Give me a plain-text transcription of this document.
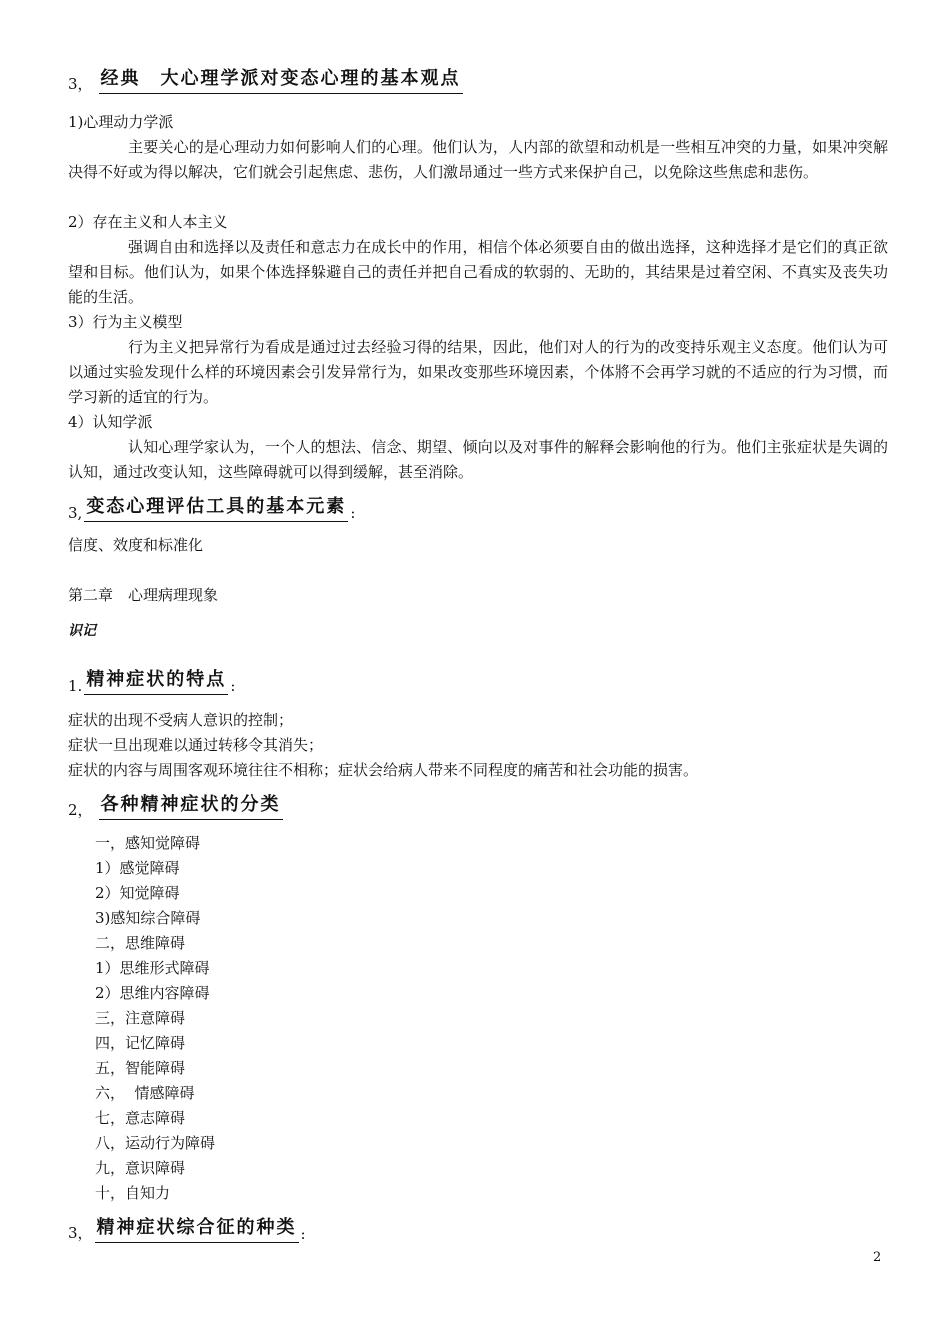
3， 经典　大心理学派对变态心理的基本观点
1)心理动力学派
主要关心的是心理动力如何影响人们的心理。他们认为，人内部的欲望和动机是一些相互冲突的力量，如果冲突解决得不好或为得以解决，它们就会引起焦虑、悲伤，人们激昂通过一些方式来保护自己，以免除这些焦虑和悲伤。
2）存在主义和人本主义
强调自由和选择以及责任和意志力在成长中的作用，相信个体必须要自由的做出选择，这种选择才是它们的真正欲望和目标。他们认为，如果个体选择躲避自己的责任并把自己看成的软弱的、无助的，其结果是过着空闲、不真实及丧失功能的生活。
3）行为主义模型
行为主义把异常行为看成是通过过去经验习得的结果，因此，他们对人的行为的改变持乐观主义态度。他们认为可以通过实验发现什么样的环境因素会引发异常行为，如果改变那些环境因素，个体將不会再学习就的不适应的行为习惯，而学习新的适宜的行为。
4）认知学派
认知心理学家认为，一个人的想法、信念、期望、倾向以及对事件的解释会影响他的行为。他们主张症状是失调的认知，通过改变认知，这些障碍就可以得到缓解，甚至消除。
3, 变态心理评估工具的基本元素 :
信度、效度和标准化
第二章　心理病理现象
识记
1. 精神症状的特点 :
症状的出现不受病人意识的控制；
症状一旦出现难以通过转移令其消失；
症状的内容与周围客观环境往往不相称；症状会给病人带来不同程度的痛苦和社会功能的损害。
2， 各种精神症状的分类
一，感知觉障碍
1）感觉障碍
2）知觉障碍
3)感知综合障碍
二，思维障碍
1）思维形式障碍
2）思维内容障碍
三，注意障碍
四，记忆障碍
五，智能障碍
六，  情感障碍
七，意志障碍
八，运动行为障碍
九，意识障碍
十，自知力
3， 精神症状综合征的种类 :
2
